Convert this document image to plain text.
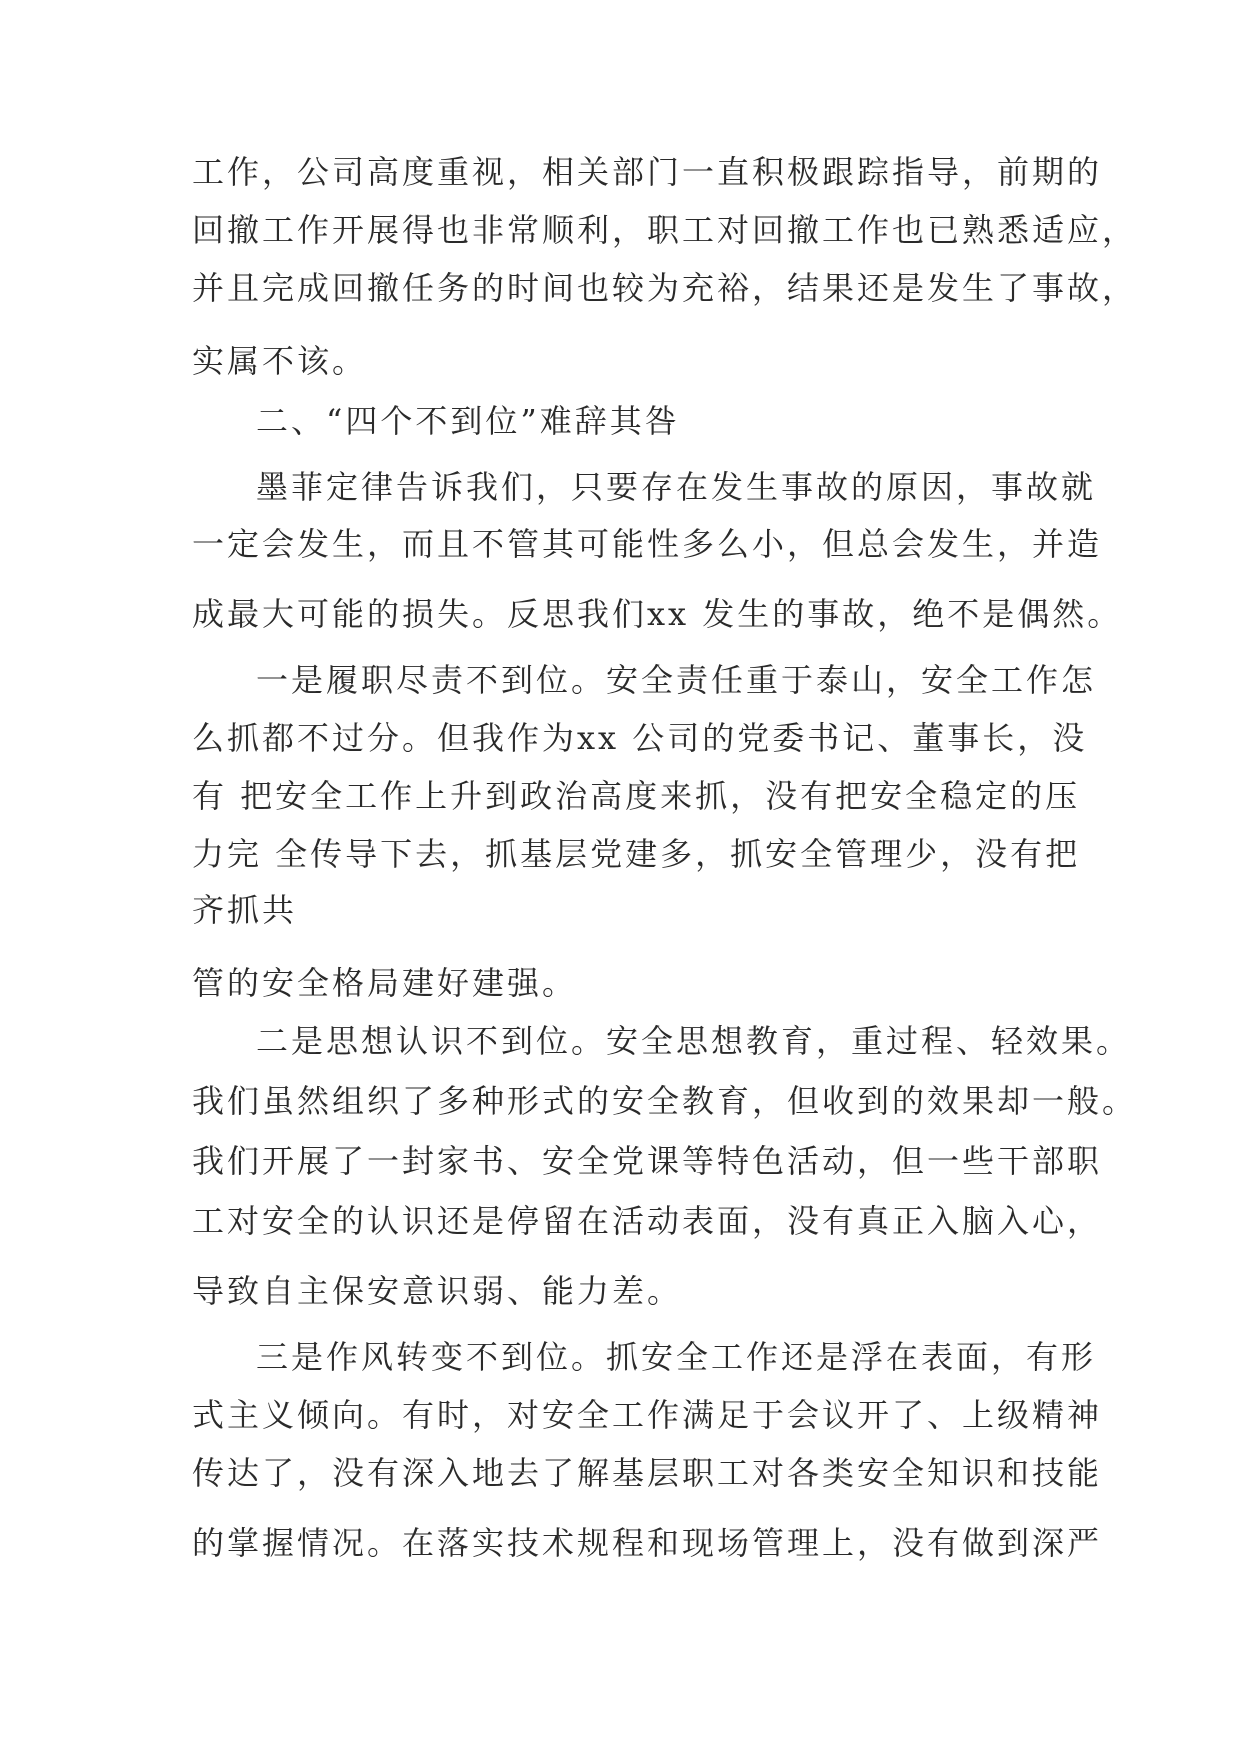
工作，公司高度重视，相关部门一直积极跟踪指导，前期的
回撤工作开展得也非常顺利，职工对回撤工作也已熟悉适应，
并且完成回撤任务的时间也较为充裕，结果还是发生了事故，
实属不该。
二、“四个不到位”难辞其咎
墨菲定律告诉我们，只要存在发生事故的原因，事故就
一定会发生，而且不管其可能性多么小，但总会发生，并造
成最大可能的损失。反思我们xx 发生的事故，绝不是偶然。
一是履职尽责不到位。安全责任重于泰山，安全工作怎
么抓都不过分。但我作为xx 公司的党委书记、董事长，没
有 把安全工作上升到政治高度来抓，没有把安全稳定的压
力完 全传导下去，抓基层党建多，抓安全管理少，没有把
齐抓共
管的安全格局建好建强。
二是思想认识不到位。安全思想教育，重过程、轻效果。
我们虽然组织了多种形式的安全教育，但收到的效果却一般。
我们开展了一封家书、安全党课等特色活动，但一些干部职
工对安全的认识还是停留在活动表面，没有真正入脑入心，
导致自主保安意识弱、能力差。
三是作风转变不到位。抓安全工作还是浮在表面，有形
式主义倾向。有时，对安全工作满足于会议开了、上级精神
传达了，没有深入地去了解基层职工对各类安全知识和技能
的掌握情况。在落实技术规程和现场管理上，没有做到深严
